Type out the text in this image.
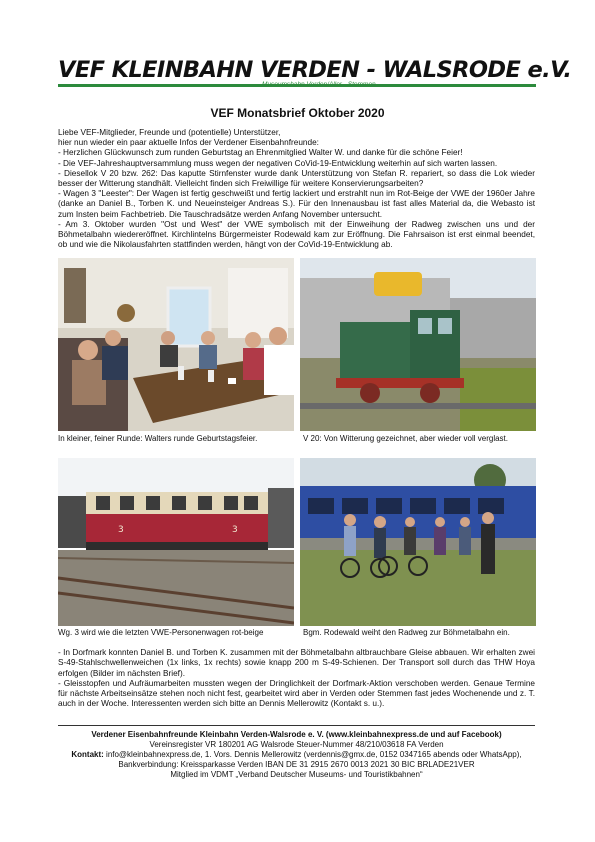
VEF KLEINBAHN VERDEN - WALSRODE e.V.
Museumsbahn Verden/Aller - Stemmen
VEF Monatsbrief Oktober 2020
Liebe VEF-Mitglieder, Freunde und (potentielle) Unterstützer,
hier nun wieder ein paar aktuelle Infos der Verdener Eisenbahnfreunde:
- Herzlichen Glückwunsch zum runden Geburtstag an Ehrenmitglied Walter W. und danke für die schöne Feier!
- Die VEF-Jahreshauptversammlung muss wegen der negativen CoVid-19-Entwicklung weiterhin auf sich warten lassen.
- Diesellok V 20 bzw. 262: Das kaputte Stirnfenster wurde dank Unterstützung von Stefan R. repariert, so dass die Lok wieder besser der Witterung standhält. Vielleicht finden sich Freiwillige für weitere Konservierungsarbeiten?
- Wagen 3 "Leester": Der Wagen ist fertig geschweißt und fertig lackiert und erstrahlt nun im Rot-Beige der VWE der 1960er Jahre (danke an Daniel B., Torben K. und Neueinsteiger Andreas S.). Für den Innenausbau ist fast alles Material da, die Webasto ist zum Insten beim Fachbetrieb. Die Tauschradsätze werden Anfang November untersucht.
- Am 3. Oktober wurden "Ost und West" der VWE symbolisch mit der Einweihung der Radweg zwischen uns und der Böhmetalbahn wiedereröffnet. Kirchlintelns Bürgermeister Rodewald kam zur Eröffnung. Die Fahrsaison ist erst einmal beendet, ob und wie die Nikolausfahrten stattfinden werden, hängt von der CoVid-19-Entwicklung ab.
In kleiner, feiner Runde: Walters runde Geburtstagsfeier.	V 20: Von Witterung gezeichnet, aber wieder voll verglast.
3	3
Wg. 3 wird wie die letzten VWE-Personenwagen rot-beige	Bgm. Rodewald weiht den Radweg zur Böhmetalbahn ein.
- In Dorfmark konnten Daniel B. und Torben K. zusammen mit der Böhmetalbahn altbrauchbare Gleise abbauen. Wir erhalten zwei S-49-Stahlschwellenweichen (1x links, 1x rechts) sowie knapp 200 m S-49-Schienen. Der Transport soll durch das THW Hoya erfolgen (Bilder im nächsten Brief).
- Gleisstopfen und Aufräumarbeiten mussten wegen der Dringlichkeit der Dorfmark-Aktion verschoben werden. Genaue Termine für nächste Arbeitseinsätze stehen noch nicht fest, gearbeitet wird aber in Verden oder Stemmen fast jedes Wochenende und z. T. auch in der Woche. Interessenten werden sich bitte an Dennis Mellerowitz (Kontakt s. u.).
Verdener Eisenbahnfreunde Kleinbahn Verden-Walsrode e. V. (www.kleinbahnexpress.de und auf Facebook)
Vereinsregister VR 180201 AG Walsrode Steuer-Nummer 48/210/03618 FA Verden
Kontakt: info@kleinbahnexpress.de, 1. Vors. Dennis Mellerowitz (verdennis@gmx.de, 0152 0347165 abends oder WhatsApp), Bankverbindung: Kreissparkasse Verden IBAN DE 31 2915 2670 0013 2021 30 BIC BRLADE21VER
Mitglied im VDMT „Verband Deutscher Museums- und Touristikbahnen“
